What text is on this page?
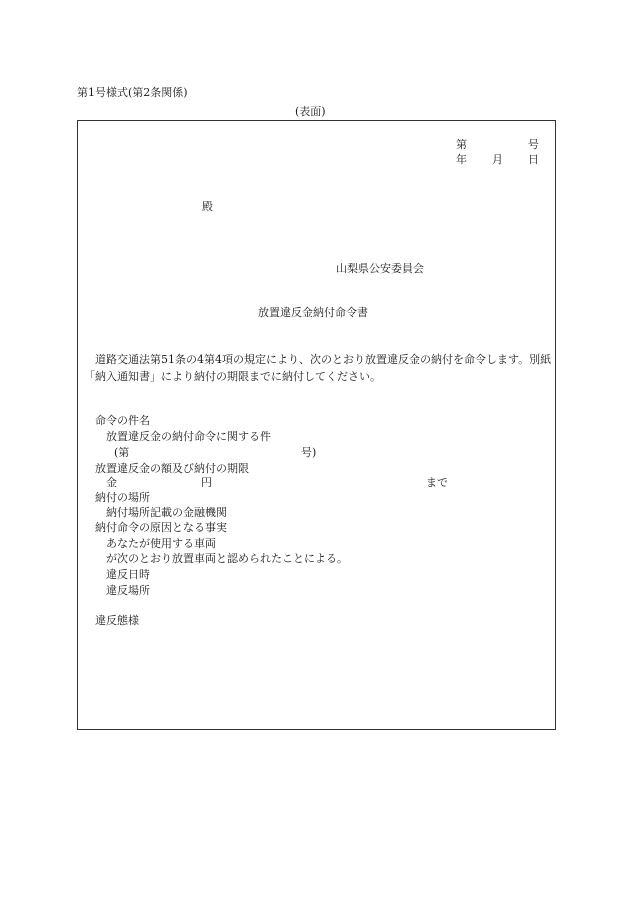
第1号様式(第2条関係)
(表面)
第	号
年 月 日
殿
山梨県公安委員会
放置違反金納付命令書
　道路交通法第51条の4第4項の規定により、次のとおり放置違反金の納付を命令します。別紙「納入通知書」により納付の期限までに納付してください。
命令の件名
放置違反金の納付命令に関する件
(第	号)
放置違反金の額及び納付の期限
金	円	まで
納付の場所
納付場所記載の金融機関
納付命令の原因となる事実
あなたが使用する車両
が次のとおり放置車両と認められたことによる。
違反日時
違反場所
違反態様
